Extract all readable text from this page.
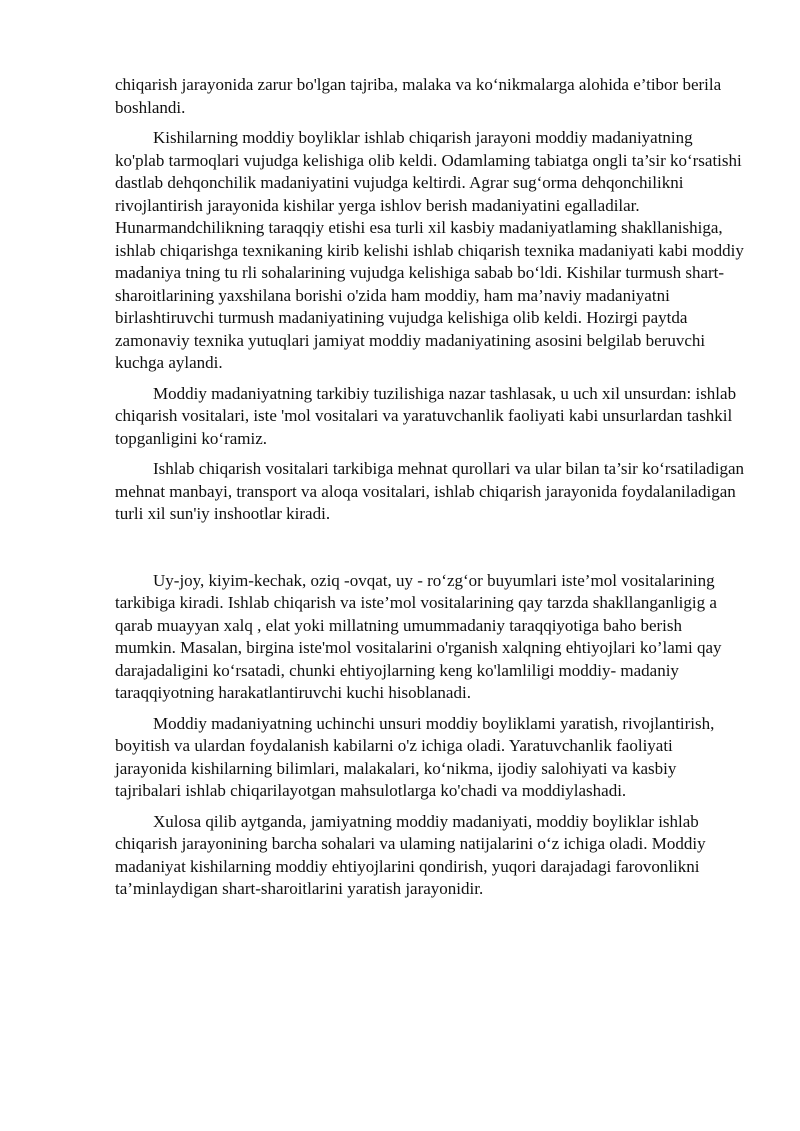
chiqarish jarayonida zarur bo'lgan tajriba, malaka va ko‘nikmalarga alohida e’tibor berila boshlandi.

Kishilarning moddiy boyliklar ishlab chiqarish jarayoni moddiy madaniyatning ko'plab tarmoqlari vujudga kelishiga olib keldi. Odamlaming tabiatga ongli ta’sir ko‘rsatishi dastlab dehqonchilik madaniyatini vujudga keltirdi. Agrar sug‘orma dehqonchilikni rivojlantirish jarayonida kishilar yerga ishlov berish madaniyatini egalladilar. Hunarmandchilikning taraqqiy etishi esa turli xil kasbiy madaniyatlaming shakllanishiga, ishlab chiqarishga texnikaning kirib kelishi ishlab chiqarish texnika madaniyati kabi moddiy madaniya tning tu rli sohalarining vujudga kelishiga sabab bo‘ldi. Kishilar turmush shart-sharoitlarining yaxshilana borishi o'zida ham moddiy, ham ma’naviy madaniyatni birlashtiruvchi turmush madaniyatining vujudga kelishiga olib keldi. Hozirgi paytda zamonaviy texnika yutuqlari jamiyat moddiy madaniyatining asosini belgilab beruvchi kuchga aylandi.

Moddiy madaniyatning tarkibiy tuzilishiga nazar tashlasak, u uch xil unsurdan: ishlab chiqarish vositalari, iste 'mol vositalari va yaratuvchanlik faoliyati kabi unsurlardan tashkil topganligini ko‘ramiz.

Ishlab chiqarish vositalari tarkibiga mehnat qurollari va ular bilan ta’sir ko‘rsatiladigan mehnat manbayi, transport va aloqa vositalari, ishlab chiqarish jarayonida foydalaniladigan turli xil sun'iy inshootlar kiradi.

Uy-joy, kiyim-kechak, oziq -ovqat, uy - ro‘zg‘or buyumlari iste’mol vositalarining tarkibiga kiradi. Ishlab chiqarish va iste’mol vositalarining qay tarzda shakllanganligig a qarab muayyan xalq , elat yoki millatning umummadaniy taraqqiyotiga baho berish mumkin. Masalan, birgina iste'mol vositalarini o'rganish xalqning ehtiyojlari ko’lami qay darajadaligini ko‘rsatadi, chunki ehtiyojlarning keng ko'lamliligi moddiy- madaniy taraqqiyotning harakatlantiruvchi kuchi hisoblanadi.

Moddiy madaniyatning uchinchi unsuri moddiy boyliklami yaratish, rivojlantirish, boyitish va ulardan foydalanish kabilarni o'z ichiga oladi. Yaratuvchanlik faoliyati jarayonida kishilarning bilimlari, malakalari, ko‘nikma, ijodiy salohiyati va kasbiy tajribalari ishlab chiqarilayotgan mahsulotlarga ko'chadi va moddiylashadi.

Xulosa qilib aytganda, jamiyatning moddiy madaniyati, moddiy boyliklar ishlab chiqarish jarayonining barcha sohalari va ulaming natijalarini o‘z ichiga oladi. Moddiy madaniyat kishilarning moddiy ehtiyojlarini qondirish, yuqori darajadagi farovonlikni ta’minlaydigan shart-sharoitlarini yaratish jarayonidir.
